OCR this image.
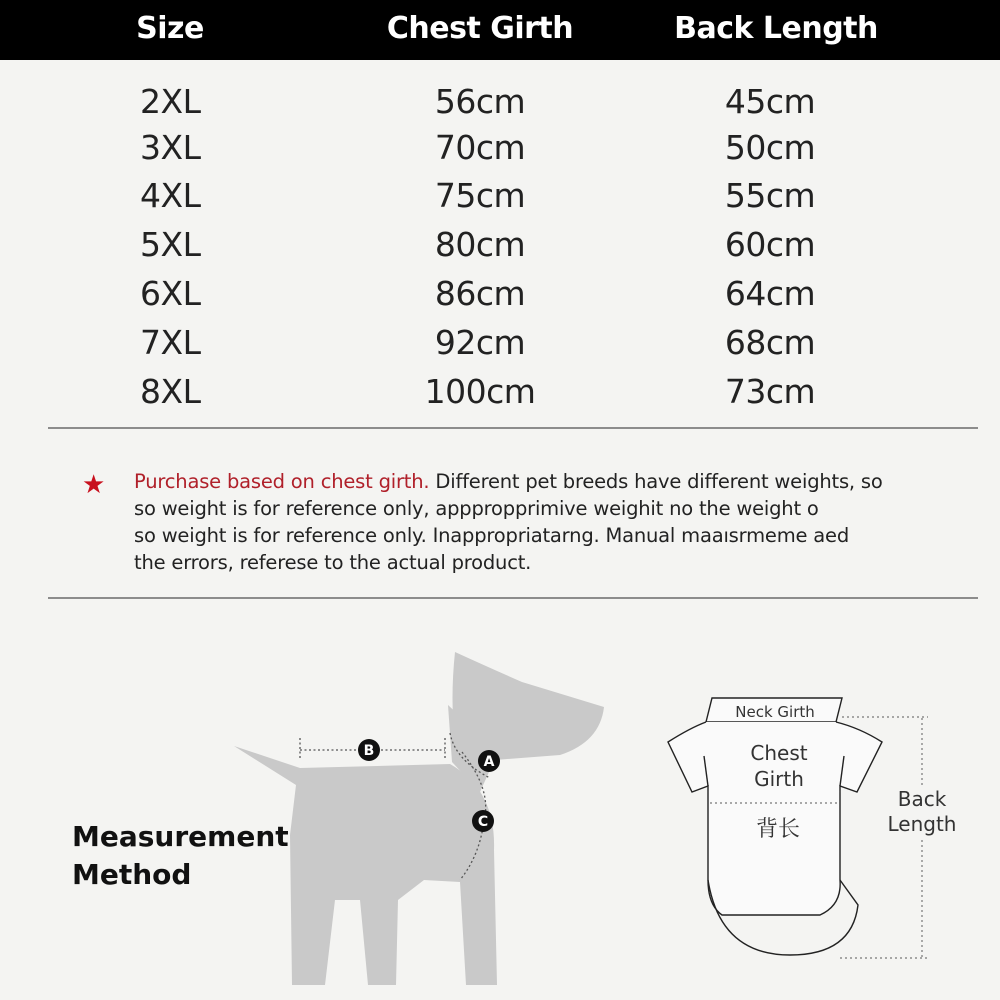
Size	Chest Girth	Back Length
2XL	56cm	45cm
3XL	70cm	50cm
4XL	75cm	55cm
5XL	80cm	60cm
6XL	86cm	64cm
7XL	92cm	68cm
8XL	100cm	73cm
★ Purchase based on chest girth. Different pet breeds have different weights, so
so weight is for reference only, apppropprimive weighit no the weight o
so weight is for reference only. Inappropriatarng. Manual maaısrmeme aed
the errors, referese to the actual product.
Measurement
Method
B
A
C
Neck Girth
Chest
Girth
背长
Back
Length
